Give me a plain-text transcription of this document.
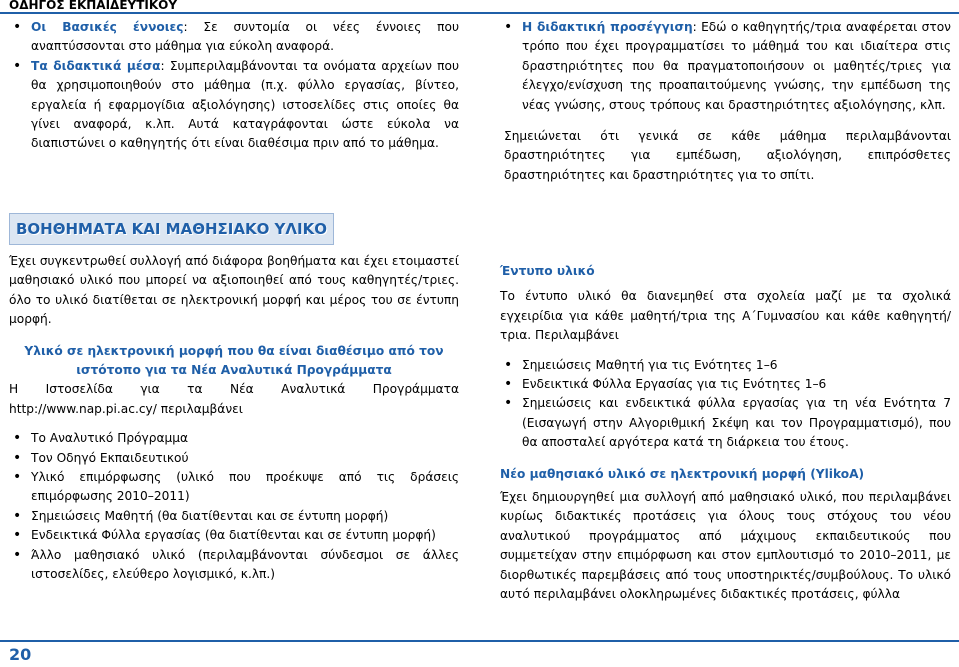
ΟΔΗΓΟΣ ΕΚΠΑΙΔΕΥΤΙΚΟΥ
• Οι Βασικές έννοιες: Σε συντομία οι νέες έννοιες που αναπτύσσονται στο μάθημα για εύκολη αναφορά.
• Τα διδακτικά μέσα: Συμπεριλαμβάνονται τα ονόματα αρχείων που θα χρησιμοποιηθούν στο μάθημα (π.χ. φύλλο εργασίας, βίντεο, εργαλεία ή εφαρμογίδια αξιολόγησης) ιστοσελίδες στις οποίες θα γίνει αναφορά, κ.λπ. Αυτά καταγράφονται ώστε εύκολα να διαπιστώνει ο καθηγητής ότι είναι διαθέσιμα πριν από το μάθημα.
• Η διδακτική προσέγγιση: Εδώ ο καθηγητής/τρια αναφέρεται στον τρόπο που έχει προγραμματίσει το μάθημά του και ιδιαίτερα στις δραστηριότητες που θα πραγματοποιήσουν οι μαθητές/τριες για έλεγχο/ενίσχυση της προαπαιτούμενης γνώσης, την εμπέδωση της νέας γνώσης, στους τρόπους και δραστηριότητες αξιολόγησης, κλπ.

Σημειώνεται ότι γενικά σε κάθε μάθημα περιλαμβάνονται δραστηριότητες για εμπέδωση, αξιολόγηση, επιπρόσθετες δραστηριότητες και δραστηριότητες για το σπίτι.

ΒΟΗΘΗΜΑΤΑ ΚΑΙ ΜΑΘΗΣΙΑΚΟ ΥΛΙΚΟ

Έχει συγκεντρωθεί συλλογή από διάφορα βοηθήματα και έχει ετοιμαστεί μαθησιακό υλικό που μπορεί να αξιοποιηθεί από τους καθηγητές/τριες. όλο το υλικό διατίθεται σε ηλεκτρονική μορφή και μέρος του σε έντυπη μορφή.

Υλικό σε ηλεκτρονική μορφή που θα είναι διαθέσιμο από τον ιστότοπο για τα Νέα Αναλυτικά Προγράμματα

Η Ιστοσελίδα για τα Νέα Αναλυτικά Προγράμματα http://www.nap.pi.ac.cy/ περιλαμβάνει

• Το Αναλυτικό Πρόγραμμα
• Τον Οδηγό Εκπαιδευτικού
• Υλικό επιμόρφωσης (υλικό που προέκυψε από τις δράσεις επιμόρφωσης 2010–2011)
• Σημειώσεις Μαθητή (θα διατίθενται και σε έντυπη μορφή)
• Ενδεικτικά Φύλλα εργασίας (θα διατίθενται και σε έντυπη μορφή)
• Άλλο μαθησιακό υλικό (περιλαμβάνονται σύνδεσμοι σε άλλες ιστοσελίδες, ελεύθερο λογισμικό, κ.λπ.)

Έντυπο υλικό

Το έντυπο υλικό θα διανεμηθεί στα σχολεία μαζί με τα σχολικά εγχειρίδια για κάθε μαθητή/τρια της Α΄Γυμνασίου και κάθε καθηγητή/τρια. Περιλαμβάνει

• Σημειώσεις Μαθητή για τις Ενότητες 1–6
• Ενδεικτικά Φύλλα Εργασίας για τις Ενότητες 1–6
• Σημειώσεις και ενδεικτικά φύλλα εργασίας για τη νέα Ενότητα 7 (Εισαγωγή στην Αλγοριθμική Σκέψη και τον Προγραμματισμό), που θα αποσταλεί αργότερα κατά τη διάρκεια του έτους.

Νέο μαθησιακό υλικό σε ηλεκτρονική μορφή (YlikoA)

Έχει δημιουργηθεί μια συλλογή από μαθησιακό υλικό, που περιλαμβάνει κυρίως διδακτικές προτάσεις για όλους τους στόχους του νέου αναλυτικού προγράμματος από μάχιμους εκπαιδευτικούς που συμμετείχαν στην επιμόρφωση και στον εμπλουτισμό το 2010–2011, με διορθωτικές παρεμβάσεις από τους υποστηρικτές/συμβούλους. Το υλικό αυτό περιλαμβάνει ολοκληρωμένες διδακτικές προτάσεις, φύλλα

20
